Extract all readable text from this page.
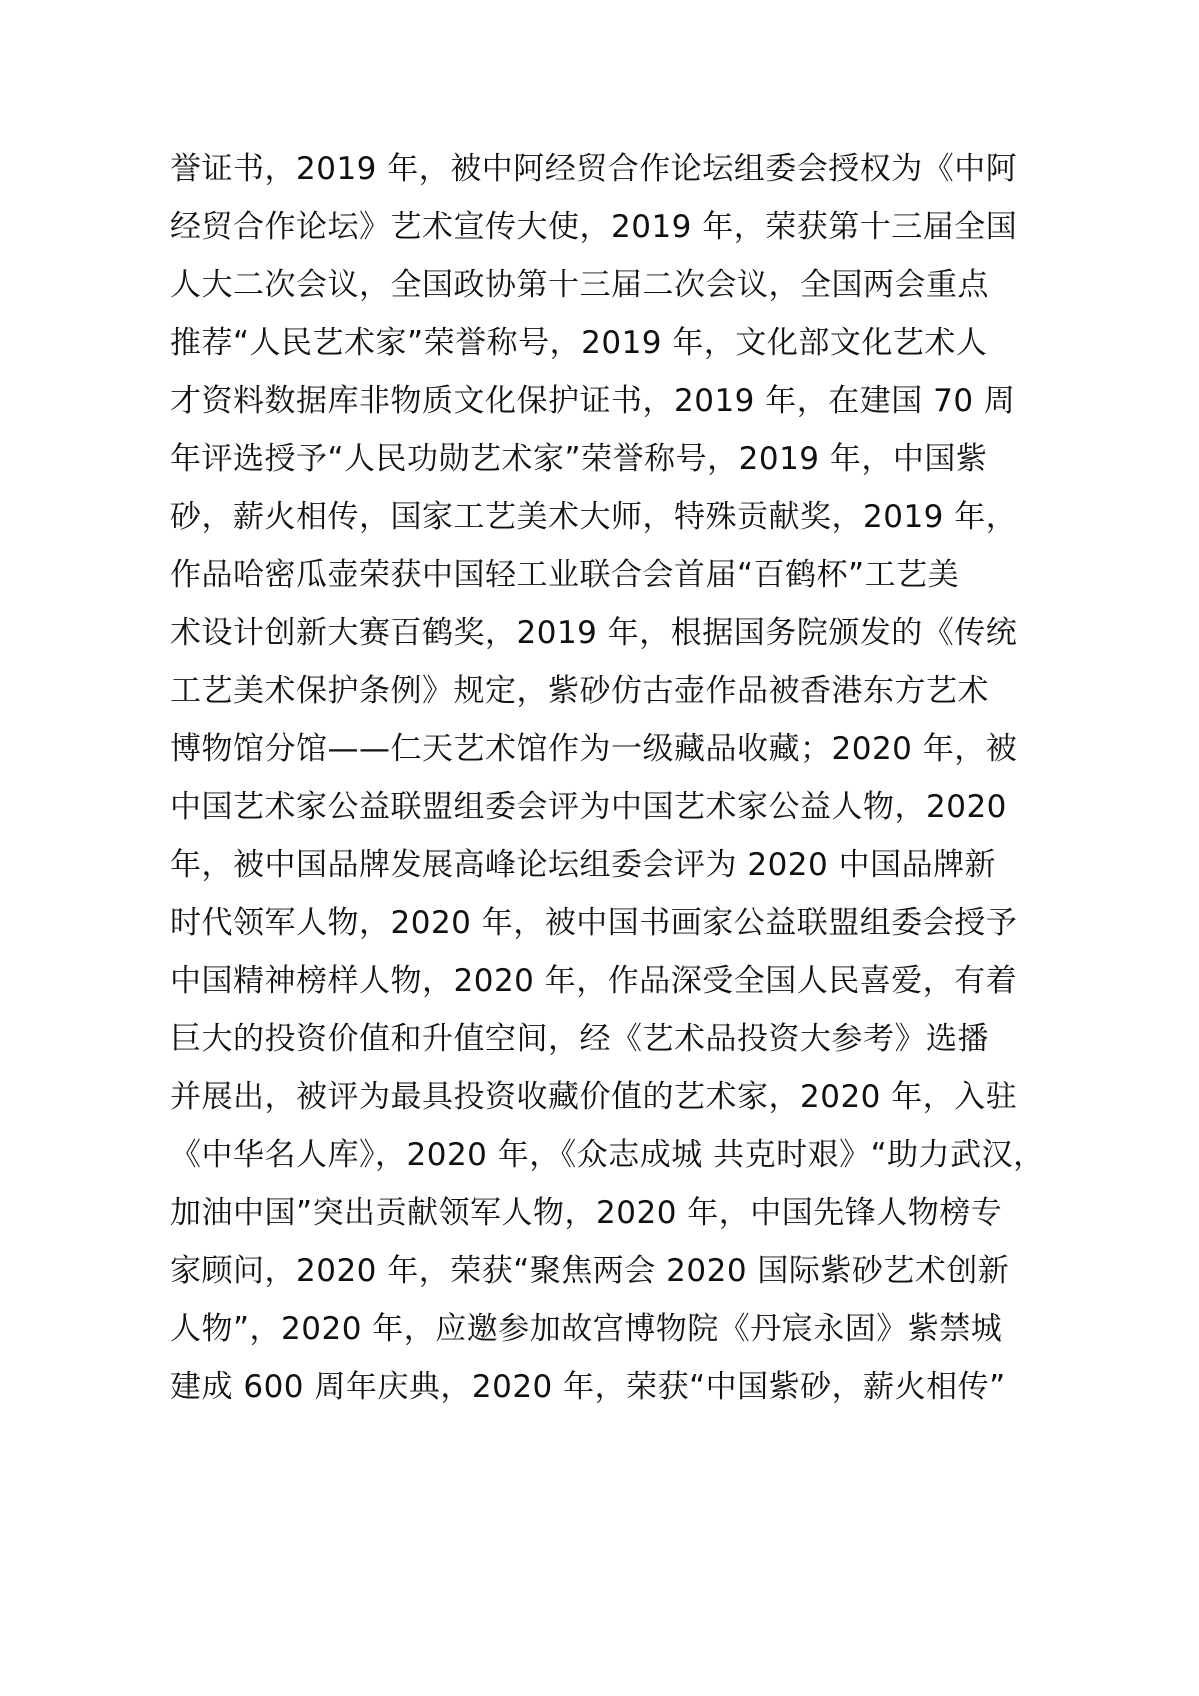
誉证书，2019 年，被中阿经贸合作论坛组委会授权为《中阿
经贸合作论坛》艺术宣传大使，2019 年，荣获第十三届全国
人大二次会议，全国政协第十三届二次会议，全国两会重点
推荐“人民艺术家”荣誉称号，2019 年，文化部文化艺术人
才资料数据库非物质文化保护证书，2019 年，在建国 70 周
年评选授予“人民功勋艺术家”荣誉称号，2019 年，中国紫
砂，薪火相传，国家工艺美术大师，特殊贡献奖，2019 年，
作品哈密瓜壶荣获中国轻工业联合会首届“百鹤杯”工艺美
术设计创新大赛百鹤奖，2019 年，根据国务院颁发的《传统
工艺美术保护条例》规定，紫砂仿古壶作品被香港东方艺术
博物馆分馆——仁天艺术馆作为一级藏品收藏；2020 年，被
中国艺术家公益联盟组委会评为中国艺术家公益人物，2020
年，被中国品牌发展高峰论坛组委会评为 2020 中国品牌新
时代领军人物，2020 年，被中国书画家公益联盟组委会授予
中国精神榜样人物，2020 年，作品深受全国人民喜爱，有着
巨大的投资价值和升值空间，经《艺术品投资大参考》选播
并展出，被评为最具投资收藏价值的艺术家，2020 年，入驻
《中华名人库》，2020 年，《众志成城 共克时艰》“助力武汉，
加油中国”突出贡献领军人物，2020 年，中国先锋人物榜专
家顾问，2020 年，荣获“聚焦两会 2020 国际紫砂艺术创新
人物”，2020 年，应邀参加故宫博物院《丹宸永固》紫禁城
建成 600 周年庆典，2020 年，荣获“中国紫砂，薪火相传”
